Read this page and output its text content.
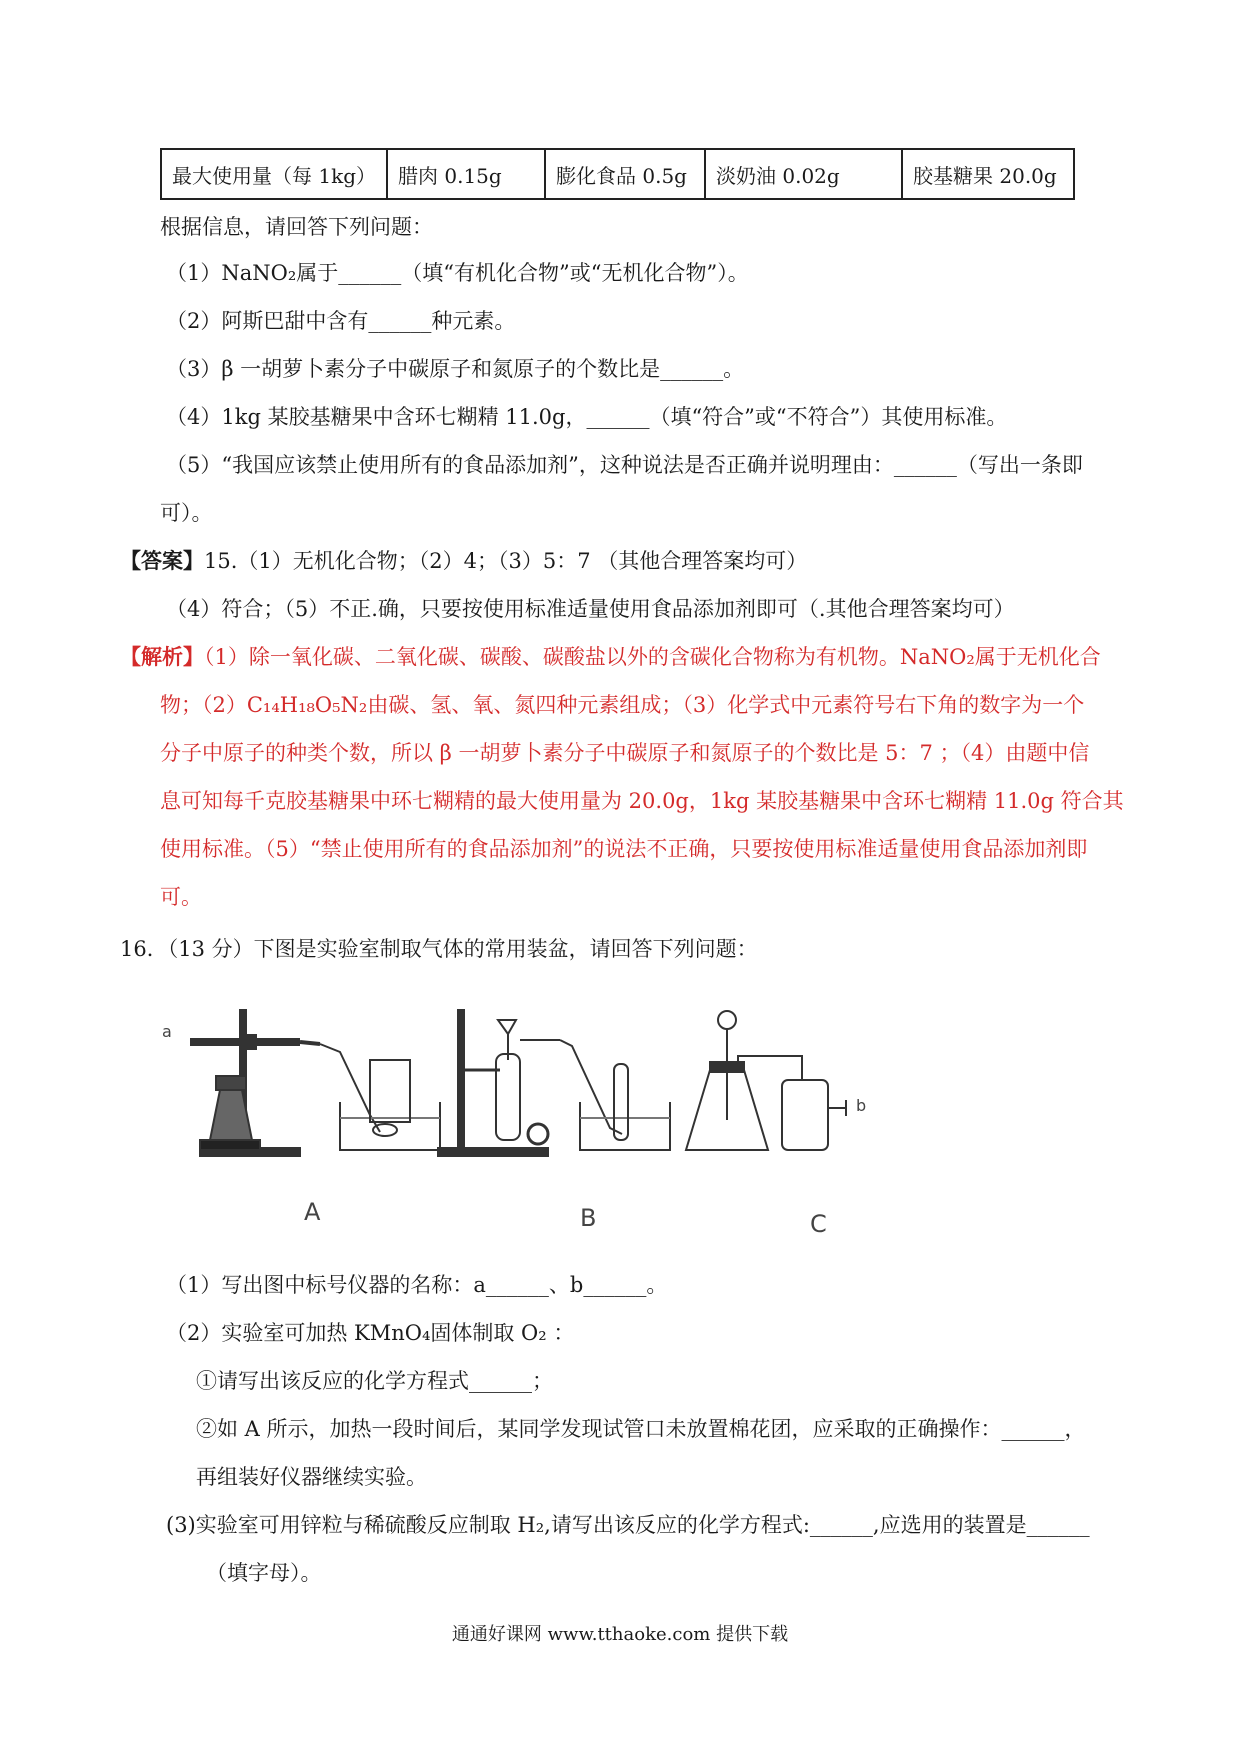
最大使用量（每 1kg）	腊肉 0.15g	膨化食品 0.5g	淡奶油 0.02g	胶基糖果 20.0g
根据信息，请回答下列问题：
（1）NaNO₂属于______（填“有机化合物”或“无机化合物”）。
（2）阿斯巴甜中含有______种元素。
（3）β 一胡萝卜素分子中碳原子和氮原子的个数比是______。
（4）1kg 某胶基糖果中含环七糊精 11.0g，______（填“符合”或“不符合”）其使用标准。
（5）“我国应该禁止使用所有的食品添加剂”，这种说法是否正确并说明理由：______（写出一条即
可）。
【答案】15.（1）无机化合物；（2）4；（3）5：7 （其他合理答案均可）
（4）符合；（5）不正.确，只要按使用标准适量使用食品添加剂即可（.其他合理答案均可）
【解析】（1）除一氧化碳、二氧化碳、碳酸、碳酸盐以外的含碳化合物称为有机物。NaNO₂属于无机化合
物；（2）C₁₄H₁₈O₅N₂由碳、氢、氧、氮四种元素组成；（3）化学式中元素符号右下角的数字为一个
分子中原子的种类个数，所以 β 一胡萝卜素分子中碳原子和氮原子的个数比是 5：7 ；（4）由题中信
息可知每千克胶基糖果中环七糊精的最大使用量为 20.0g，1kg 某胶基糖果中含环七糊精 11.0g 符合其
使用标准。（5）“禁止使用所有的食品添加剂”的说法不正确，只要按使用标准适量使用食品添加剂即
可。
16．（13 分）下图是实验室制取气体的常用装盆，请回答下列问题：
a
b
A	B	C
（1）写出图中标号仪器的名称：a______、b______。
（2）实验室可加热 KMnO₄固体制取 O₂ ：
①请写出该反应的化学方程式______；
②如 A 所示，加热一段时间后，某同学发现试管口未放置棉花团，应采取的正确操作：______，
再组装好仪器继续实验。
(3)实验室可用锌粒与稀硫酸反应制取 H₂,请写出该反应的化学方程式:______,应选用的装置是______
（填字母）。
通通好课网 www.tthaoke.com 提供下载
